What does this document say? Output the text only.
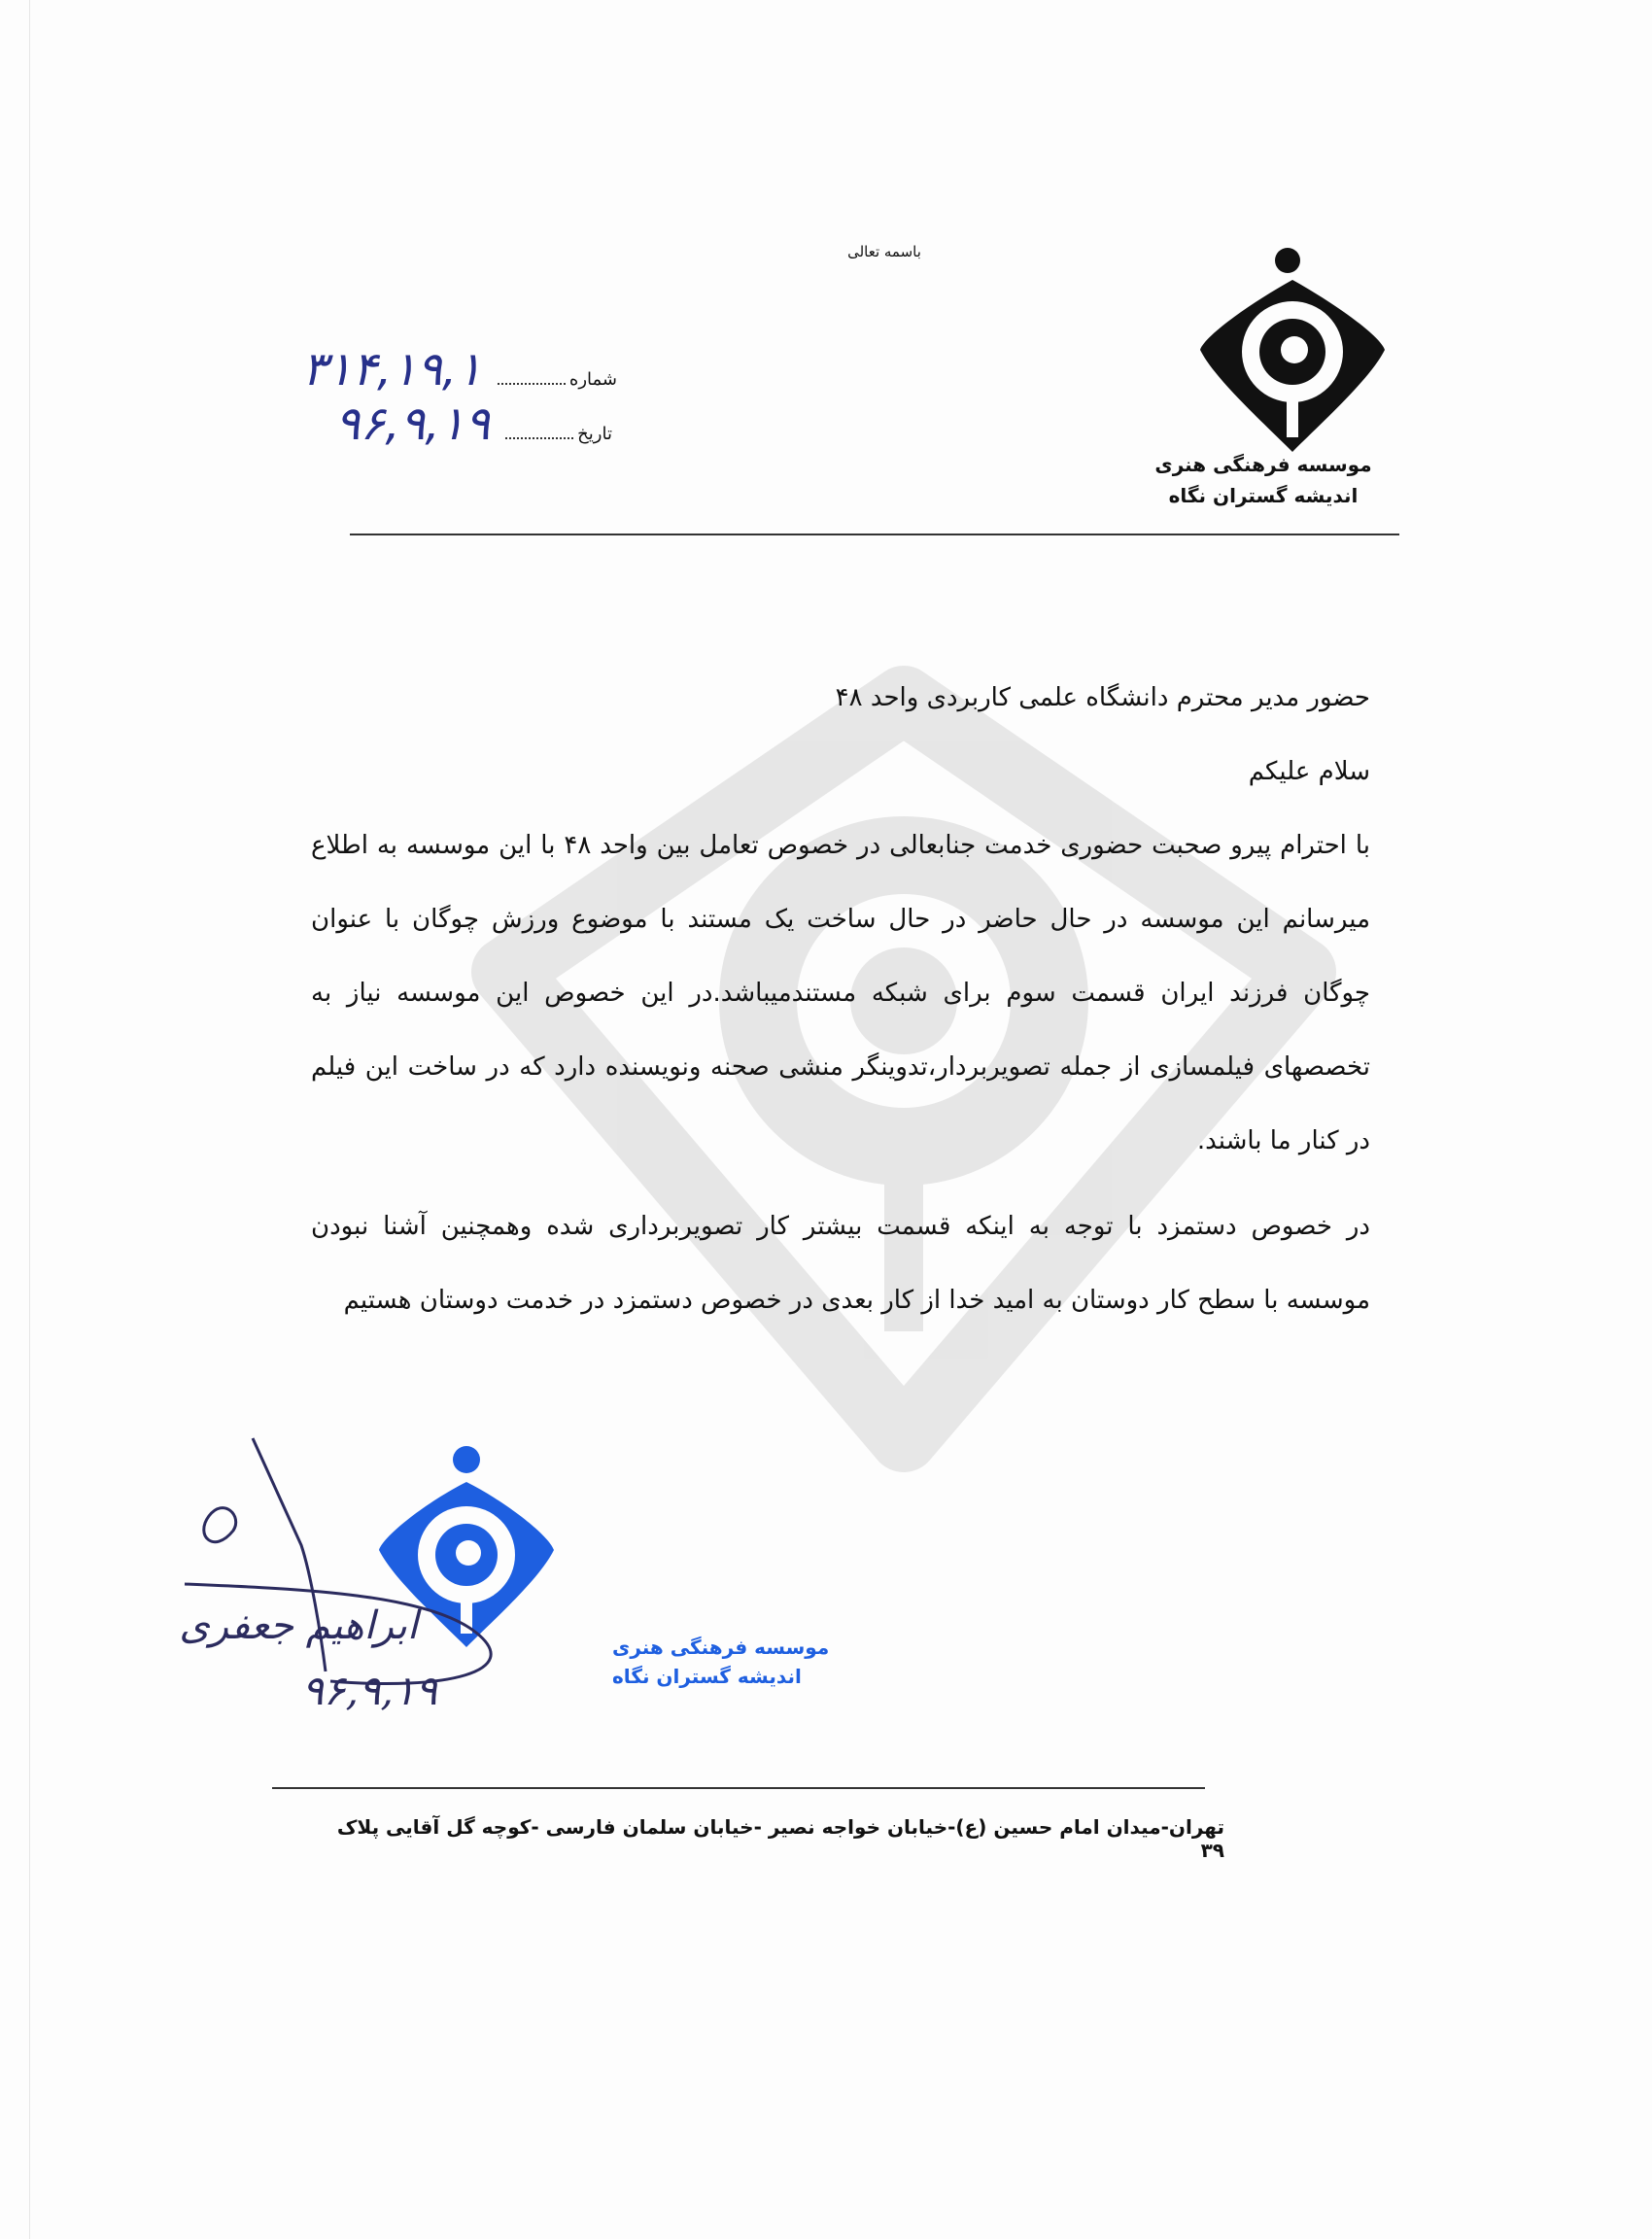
باسمه تعالی
موسسه فرهنگی هنری
اندیشه گستران نگاه
شماره
۳۱۴,۱۹,۱
تاریخ
۹۶,۹,۱۹

حضور مدیر محترم دانشگاه علمی کاربردی واحد ۴۸

سلام علیکم

با احترام پیرو صحبت حضوری خدمت جنابعالی در خصوص تعامل بین واحد ۴۸ با این موسسه به اطلاع میرسانم این موسسه در حال حاضر در حال ساخت یک مستند با موضوع ورزش چوگان با عنوان چوگان فرزند ایران قسمت سوم برای شبکه مستندمیباشد.در این خصوص این موسسه نیاز به تخصصهای فیلمسازی از جمله تصویربردار،تدوینگر منشی صحنه ونویسنده دارد که در ساخت این فیلم در کنار ما باشند.

در خصوص دستمزد با توجه به اینکه قسمت بیشتر کار تصویربرداری شده وهمچنین آشنا نبودن موسسه با سطح کار دوستان به امید خدا از کار بعدی در خصوص دستمزد در خدمت دوستان هستیم

موسسه فرهنگی هنری
اندیشه گستران نگاه
ابراهیم جعفری
۹۶,۹,۱۹
تهران-میدان امام حسین (ع)-خیابان خواجه نصیر -خیابان سلمان فارسی -کوچه گل آقایی پلاک ۳۹
